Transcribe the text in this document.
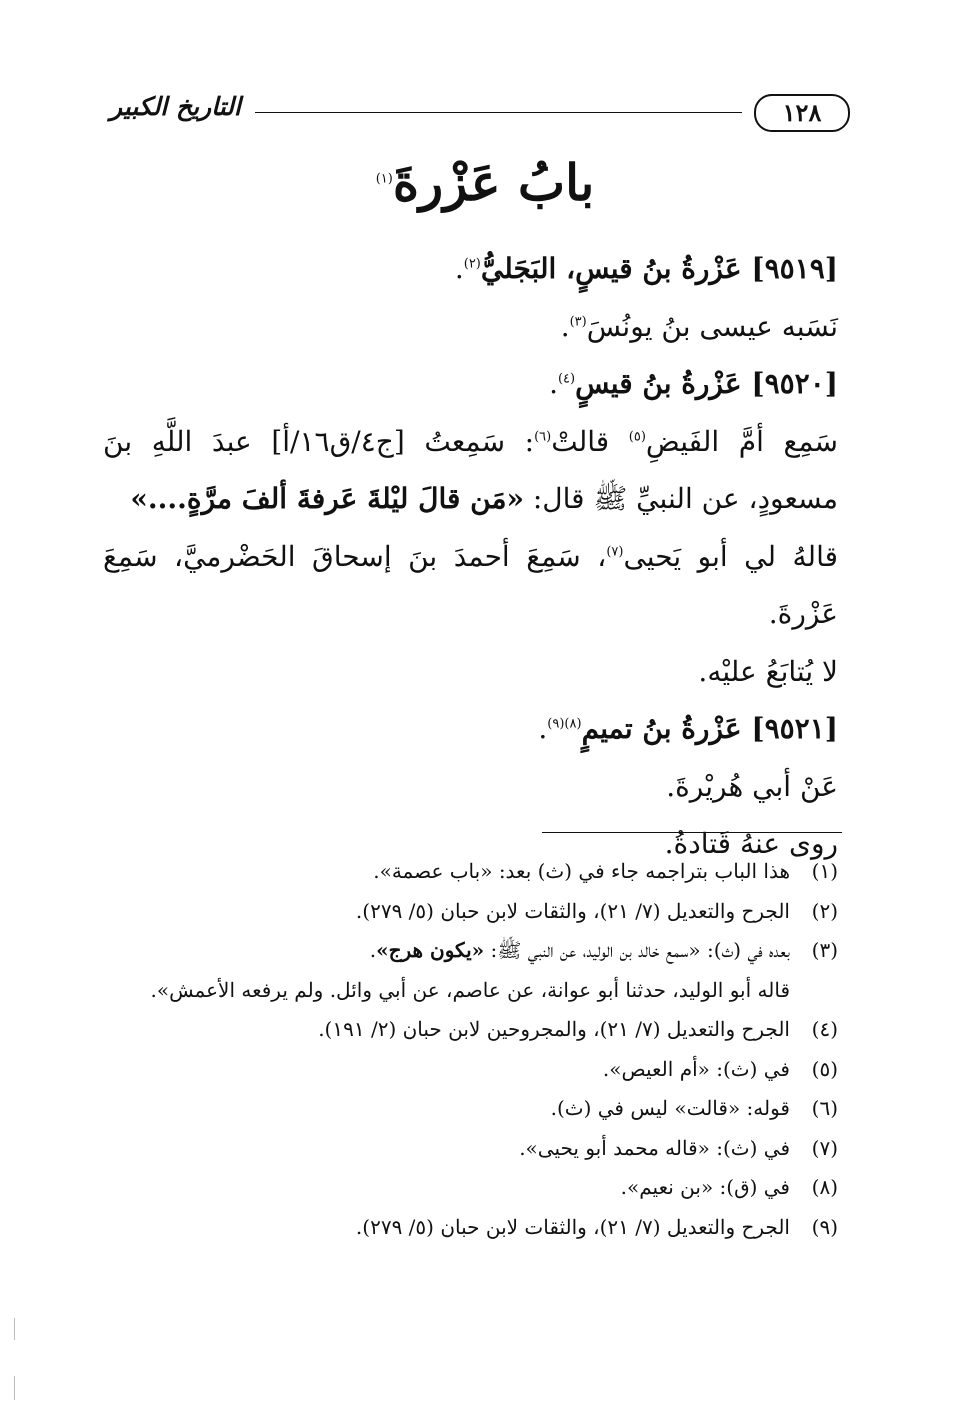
١٢٨
التاريخ الكبير
بابُ عَزْرةَ$^{(١)}$

[٩٥١٩] عَزْرةُ بنُ قيسٍ، البَجَليُّ$^{(٢)}$.

نَسَبه عيسى بنُ يونُسَ$^{(٣)}$.

[٩٥٢٠] عَزْرةُ بنُ قيسٍ$^{(٤)}$.

سَمِع أمَّ الفَيضِ$^{(٥)}$ قالتْ$^{(٦)}$: سَمِعتُ [ج٤/ق١٦/أ] عبدَ اللَّهِ بنَ مسعودٍ، عن النبيِّ ﷺ قال: «مَن قالَ ليْلةَ عَرفةَ ألفَ مرَّةٍ....»

قالهُ لي أبو يَحيى$^{(٧)}$، سَمِعَ أحمدَ بنَ إسحاقَ الحَضْرميَّ، سَمِعَ عَزْرةَ.

لا يُتابَعُ عليْه.

[٩٥٢١] عَزْرةُ بنُ تميمٍ$^{(٨)(٩)}$.

عَنْ أبي هُريْرةَ.

روى عنهُ قَتادةُ.

(١)
هذا الباب بتراجمه جاء في (ث) بعد: «باب عصمة».
(٢)
الجرح والتعديل (٧/ ٢١)، والثقات لابن حبان (٥/ ٢٧٩).
(٣)
بعده في (ث): «سمع خالد بن الوليد، عن النبي ﷺ: «يكون هرج».

قاله أبو الوليد، حدثنا أبو عوانة، عن عاصم، عن أبي وائل. ولم يرفعه الأعمش».

(٤)
الجرح والتعديل (٧/ ٢١)، والمجروحين لابن حبان (٢/ ١٩١).
(٥)
في (ث): «أم العيص».
(٦)
قوله: «قالت» ليس في (ث).
(٧)
في (ث): «قاله محمد أبو يحيى».
(٨)
في (ق): «بن نعيم».
(٩)
الجرح والتعديل (٧/ ٢١)، والثقات لابن حبان (٥/ ٢٧٩).
